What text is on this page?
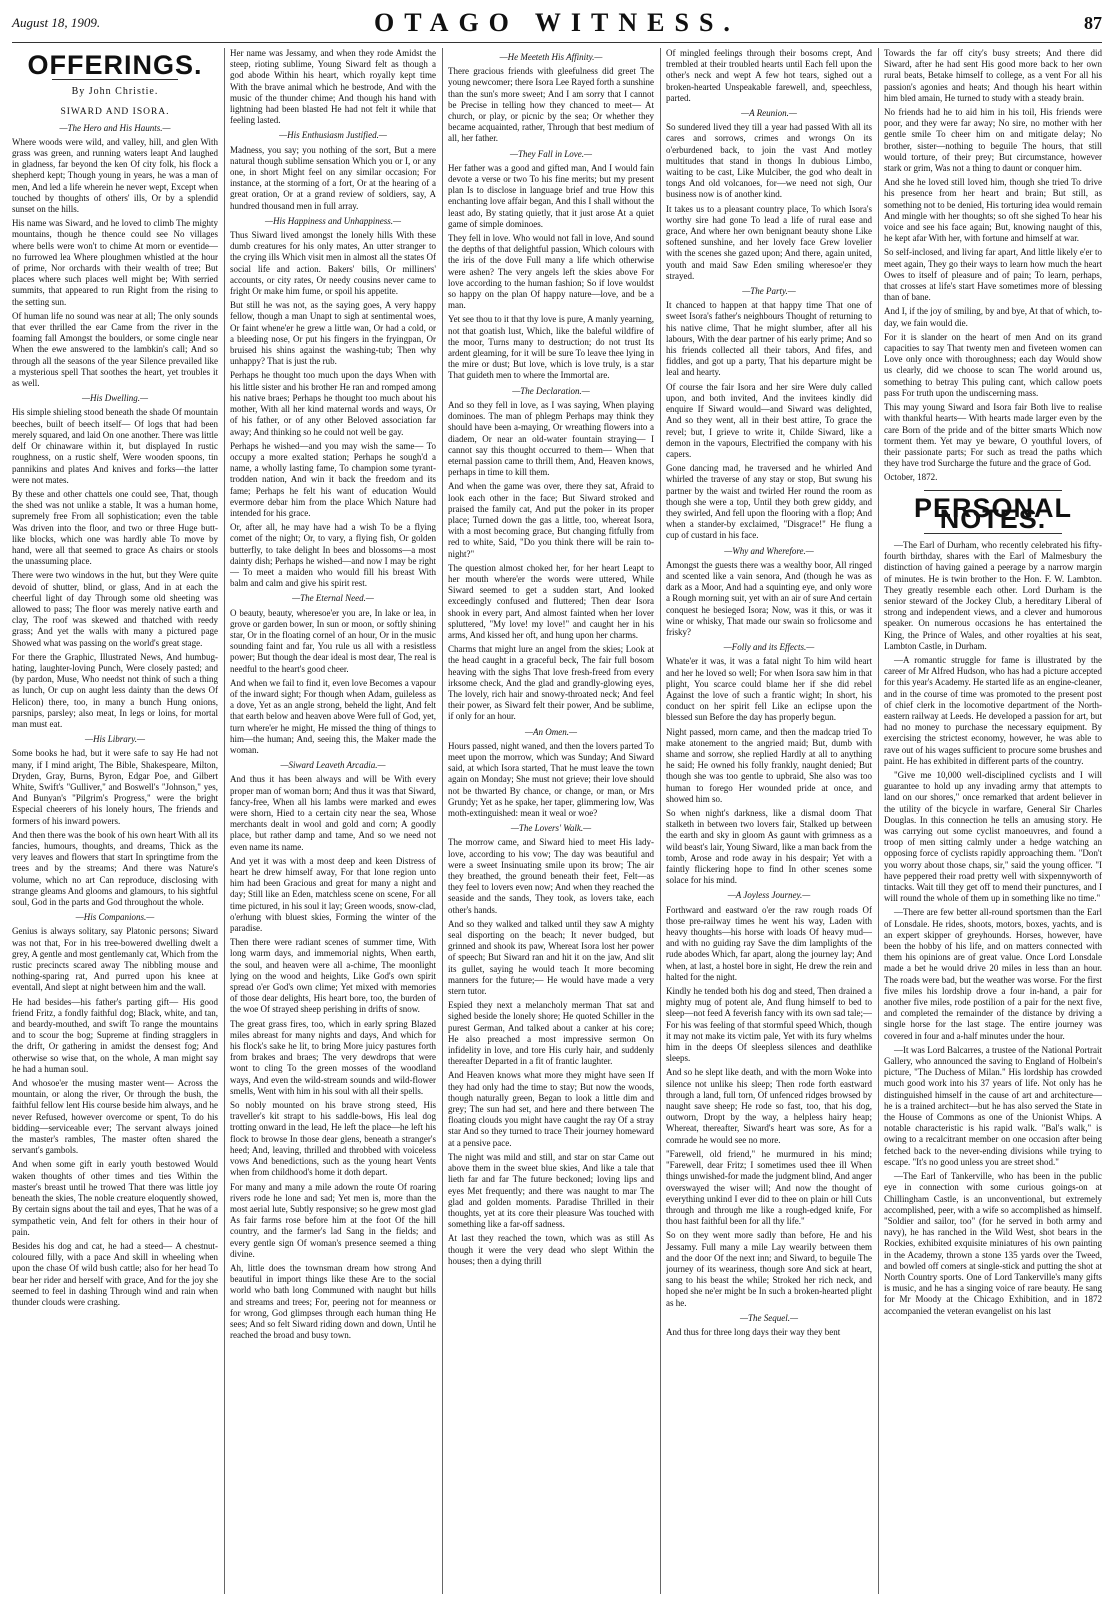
August 18, 1909.	OTAGO WITNESS.	87
OFFERINGS.
By John Christie.
SIWARD AND ISORA.
—The Hero and His Haunts.—
Where woods were wild, and valley, hill, and glen With grass was green, and running waters leapt And laughed in gladness, far beyond the ken Of city folk, his flock a shepherd kept; Though young in years, he was a man of men, And led a life wherein he never wept, Except when touched by thoughts of others' ills, Or by a splendid sunset on the hills.
His name was Siward, and he loved to climb The mighty mountains, though he thence could see No villages where bells were won't to chime At morn or eventide—no furrowed lea Where ploughmen whistled at the hour of prime, Nor orchards with their wealth of tree; But places where such places well might be; With serried summits, that appeared to run Right from the rising to the setting sun.
Of human life no sound was near at all; The only sounds that ever thrilled the ear Came from the river in the foaming fall Amongst the boulders, or some cingle near When the ewe answered to the lambkin's call; And so through all the seasons of the year Silence prevailed like a mysterious spell That soothes the heart, yet troubles it as well.
—His Dwelling.—
His simple shieling stood beneath the shade Of mountain beeches, built of beech itself— Of logs that had been merely squared, and laid On one another. There was little delf Or chinaware within it, but displayed In rustic roughness, on a rustic shelf, Were wooden spoons, tin pannikins and plates And knives and forks—the latter were not mates.
By these and other chattels one could see, That, though the shed was not unlike a stable, It was a human home, supremely free From all sophistication; even the table Was driven into the floor, and two or three Huge butt-like blocks, which one was hardly able To move by hand, were all that seemed to grace As chairs or stools the unassuming place.
There were two windows in the hut, but they Were quite devoid of shutter, blind, or glass, And in at each the cheerful light of day Through some old sheeting was allowed to pass; The floor was merely native earth and clay, The roof was skewed and thatched with reedy grass; And yet the walls with many a pictured page Showed what was passing on the world's great stage.
For there the Graphic, Illustrated News, And humbug-hating, laughter-loving Punch, Were closely pasted; and (by pardon, Muse, Who needst not think of such a thing as lunch, Or cup on aught less dainty than the dews Of Helicon) there, too, in many a bunch Hung onions, parsnips, parsley; also meat, In legs or loins, for mortal man must eat.
—His Library.—
Some books he had, but it were safe to say He had not many, if I mind aright, The Bible, Shakespeare, Milton, Dryden, Gray, Burns, Byron, Edgar Poe, and Gilbert White, Swift's "Gulliver," and Boswell's "Johnson," yes, And Bunyan's "Pilgrim's Progress," were the bright Especial cheerers of his lonely hours, The friends and formers of his inward powers.
And then there was the book of his own heart With all its fancies, humours, thoughts, and dreams, Thick as the very leaves and flowers that start In springtime from the trees and by the streams; And there was Nature's volume, which no art Can reproduce, disclosing with strange gleams And glooms and glamours, to his sightful soul, God in the parts and God throughout the whole.
—His Companions.—
Genius is always solitary, say Platonic persons; Siward was not that, For in his tree-bowered dwelling dwelt a grey, A gentle and most gentlemanly cat, Which from the rustic precincts scared away The nibbling mouse and nothing-sparing rat, And purred upon his knee at eventall, And slept at night between him and the wall.
He had besides—his father's parting gift— His good friend Fritz, a fondly faithful dog; Black, white, and tan, and beardy-mouthed, and swift To range the mountains and to scour the bog; Supreme at finding stragglers in the drift, Or gathering in amidst the densest fog; And otherwise so wise that, on the whole, A man might say he had a human soul.
And whosoe'er the musing master went— Across the mountain, or along the river, Or through the bush, the faithful fellow lent His course beside him always, and he never Refused, however overcome or spent, To do his bidding—serviceable ever; The servant always joined the master's rambles, The master often shared the servant's gambols.
And when some gift in early youth bestowed Would waken thoughts of other times and ties Within the master's breast until he trowed That there was little joy beneath the skies, The noble creature eloquently showed, By certain signs about the tail and eyes, That he was of a sympathetic vein, And felt for others in their hour of pain.
Besides his dog and cat, he had a steed— A chestnut-coloured filly, with a pace And skill in wheeling when upon the chase Of wild bush cattle; also for her head To bear her rider and herself with grace, And for the joy she seemed to feel in dashing Through wind and rain when thunder clouds were crashing.
Her name was Jessamy, and when they rode Amidst the steep, rioting sublime, Young Siward felt as though a god abode Within his heart, which royally kept time With the brave animal which he bestrode, And with the music of the thunder chime; And though his hand with lightning had been blasted He had not felt it while that feeling lasted.
—His Enthusiasm Justified.—
Madness, you say; you nothing of the sort, But a mere natural though sublime sensation Which you or I, or any one, in short Might feel on any similar occasion; For instance, at the storming of a fort, Or at the hearing of a great oration, Or at a grand review of soldiers, say, A hundred thousand men in full array.
—His Happiness and Unhappiness.—
Thus Siward lived amongst the lonely hills With these dumb creatures for his only mates, An utter stranger to the crying ills Which visit men in almost all the states Of social life and action. Bakers' bills, Or milliners' accounts, or city rates, Or needy cousins never came to fright Or make him fume, or spoil his appetite.
But still he was not, as the saying goes, A very happy fellow, though a man Unapt to sigh at sentimental woes, Or faint whene'er he grew a little wan, Or had a cold, or a bleeding nose, Or put his fingers in the fryingpan, Or bruised his shins against the washing-tub; Then why unhappy? That is just the rub.
Perhaps he thought too much upon the days When with his little sister and his brother He ran and romped among his native braes; Perhaps he thought too much about his mother, With all her kind maternal words and ways, Or of his father, or of any other Beloved association far away; And thinking so he could not well be gay.
Perhaps he wished—and you may wish the same— To occupy a more exalted station; Perhaps he sough'd a name, a wholly lasting fame, To champion some tyrant-trodden nation, And win it back the freedom and its fame; Perhaps he felt his want of education Would evermore debar him from the place Which Nature had intended for his grace.
Or, after all, he may have had a wish To be a flying comet of the night; Or, to vary, a flying fish, Or golden butterfly, to take delight In bees and blossoms—a most dainty dish; Perhaps he wished—and now I may be right— To meet a maiden who would fill his breast With balm and calm and give his spirit rest.
—The Eternal Need.—
O beauty, beauty, wheresoe'er you are, In lake or lea, in grove or garden bower, In sun or moon, or softly shining star, Or in the floating cornel of an hour, Or in the music sounding faint and far, You rule us all with a resistless power; But though the dear ideal is most dear, The real is needful to the heart's good cheer.
And when we fail to find it, even love Becomes a vapour of the inward sight; For though when Adam, guileless as a dove, Yet as an angle strong, beheld the light, And felt that earth below and heaven above Were full of God, yet, turn where'er he might, He missed the thing of things to him—the human; And, seeing this, the Maker made the woman.
—Siward Leaveth Arcadia.—
And thus it has been always and will be With every proper man of woman born; And thus it was that Siward, fancy-free, When all his lambs were marked and ewes were shorn, Hied to a certain city near the sea, Whose merchants dealt in wool and gold and corn; A goodly place, but rather damp and tame, And so we need not even name its name.
And yet it was with a most deep and keen Distress of heart he drew himself away, For that lone region unto him had been Gracious and great for many a night and day; Still like an Eden, matchless scene on scene, For all time pictured, in his soul it lay; Green woods, snow-clad, o'erhung with bluest skies, Forming the winter of the paradise.
Then there were radiant scenes of summer time, With long warm days, and immemorial nights, When earth, the soul, and heaven were all a-chime, The moonlight lying on the wood and heights, Like God's own spirit spread o'er God's own clime; Yet mixed with memories of those dear delights, His heart bore, too, the burden of the woe Of strayed sheep perishing in drifts of snow.
The great grass fires, too, which in early spring Blazed miles abreast for many nights and days, And which for his flock's sake he lit, to bring More juicy pastures forth from brakes and braes; The very dewdrops that were wont to cling To the green mosses of the woodland ways, And even the wild-stream sounds and wild-flower smells, Went with him in his soul with all their spells.
So nobly mounted on his brave strong steed, His traveller's kit strapt to his saddle-bows, His leal dog trotting onward in the lead, He left the place—he left his flock to browse In those dear glens, beneath a stranger's heed; And, leaving, thrilled and throbbed with voiceless vows And benedictions, such as the young heart Vents when from childhood's home it doth depart.
For many and many a mile adown the route Of roaring rivers rode he lone and sad; Yet men is, more than the most aerial lute, Subtly responsive; so he grew most glad As fair farms rose before him at the foot Of the hill country, and the farmer's lad Sang in the fields; and every gentle sign Of woman's presence seemed a thing divine.
Ah, little does the townsman dream how strong And beautiful in import things like these Are to the social world who bath long Communed with naught but hills and streams and trees; For, peering not for meanness or for wrong, God glimpses through each human thing He sees; And so felt Siward riding down and down, Until he reached the broad and busy town.
—He Meeteth His Affinity.—
There gracious friends with gleefulness did greet The young newcomer; there Isora Lee Rayed forth a sunshine than the sun's more sweet; And I am sorry that I cannot be Precise in telling how they chanced to meet— At church, or play, or picnic by the sea; Or whether they became acquainted, rather, Through that best medium of all, her father.
—They Fall in Love.—
Her father was a good and gifted man, And I would fain devote a verse or two To his fine merits; but my present plan Is to disclose in language brief and true How this enchanting love affair began, And this I shall without the least ado, By stating quietly, that it just arose At a quiet game of simple dominoes.
They fell in love. Who would not fall in love, And sound the depths of that delightful passion, Which colours with the iris of the dove Full many a life which otherwise were ashen? The very angels left the skies above For love according to the human fashion; So if love wouldst so happy on the plan Of happy nature—love, and be a man.
Yet see thou to it that thy love is pure, A manly yearning, not that goatish lust, Which, like the baleful wildfire of the moor, Turns many to destruction; do not trust Its ardent gleaming, for it will be sure To leave thee lying in the mire or dust; But love, which is love truly, is a star That guideth men to where the Immortal are.
—The Declaration.—
And so they fell in love, as I was saying, When playing dominoes. The man of phlegm Perhaps may think they should have been a-maying, Or wreathing flowers into a diadem, Or near an old-water fountain straying— I cannot say this thought occurred to them— When that eternal passion came to thrill them, And, Heaven knows, perhaps in time to kill them.
And when the game was over, there they sat, Afraid to look each other in the face; But Siward stroked and praised the family cat, And put the poker in its proper place; Turned down the gas a little, too, whereat Isora, with a most becoming grace, But changing fitfully from red to white, Said, "Do you think there will be rain to-night?"
The question almost choked her, for her heart Leapt to her mouth where'er the words were uttered, While Siward seemed to get a sudden start, And looked exceedingly confused and fluttered; Then dear Isora shook in every part, And almost fainted when her lover spluttered, "My love! my love!" and caught her in his arms, And kissed her oft, and hung upon her charms.
Charms that might lure an angel from the skies; Look at the head caught in a graceful beck, The fair full bosom heaving with the sighs That love fresh-freed from every irksome check, And the glad and grandly-glowing eyes, The lovely, rich hair and snowy-throated neck; And feel their power, as Siward felt their power, And be sublime, if only for an hour.
—An Omen.—
Hours passed, night waned, and then the lovers parted To meet upon the morrow, which was Sunday; And Siward said, at which Isora started, That he must leave the town again on Monday; She must not grieve; their love should not be thwarted By chance, or change, or man, or Mrs Grundy; Yet as he spake, her taper, glimmering low, Was moth-extinguished: mean it weal or woe?
—The Lovers' Walk.—
The morrow came, and Siward hied to meet His lady-love, according to his vow; The day was beautiful and were a sweet Insinuating smile upon its brow; The air they breathed, the ground beneath their feet, Felt—as they feel to lovers even now; And when they reached the seaside and the sands, They took, as lovers take, each other's hands.
And so they walked and talked until they saw A mighty seal disporting on the beach; It never budged, but grinned and shook its paw, Whereat Isora lost her power of speech; But Siward ran and hit it on the jaw, And slit its gullet, saying he would teach It more becoming manners for the future;— He would have made a very stern tutor.
Espied they next a melancholy merman That sat and sighed beside the lonely shore; He quoted Schiller in the purest German, And talked about a canker at his core; He also preached a most impressive sermon On infidelity in love, and tore His curly hair, and suddenly thereafter Departed in a fit of frantic laughter.
And Heaven knows what more they might have seen If they had only had the time to stay; But now the woods, though naturally green, Began to look a little dim and grey; The sun had set, and here and there between The floating clouds you might have caught the ray Of a stray star And so they turned to trace Their journey homeward at a pensive pace.
The night was mild and still, and star on star Came out above them in the sweet blue skies, And like a tale that lieth far and far The future beckoned; loving lips and eyes Met frequently; and there was naught to mar The glad and golden moments. Paradise Thrilled in their thoughts, yet at its core their pleasure Was touched with something like a far-off sadness.
At last they reached the town, which was as still As though it were the very dead who slept Within the houses; then a dying thrill
Of mingled feelings through their bosoms crept, And trembled at their troubled hearts until Each fell upon the other's neck and wept A few hot tears, sighed out a broken-hearted Unspeakable farewell, and, speechless, parted.
—A Reunion.—
So sundered lived they till a year had passed With all its cares and sorrows, crimes and wrongs On its o'erburdened back, to join the vast And motley multitudes that stand in thongs In dubious Limbo, waiting to be cast, Like Mulciber, the god who dealt in tongs And old volcanoes, for—we need not sigh, Our business now is of another kind.
It takes us to a pleasant country place, To which Isora's worthy sire had gone To lead a life of rural ease and grace, And where her own benignant beauty shone Like softened sunshine, and her lovely face Grew lovelier with the scenes she gazed upon; And there, again united, youth and maid Saw Eden smiling wheresoe'er they strayed.
—The Party.—
It chanced to happen at that happy time That one of sweet Isora's father's neighbours Thought of returning to his native clime, That he might slumber, after all his labours, With the dear partner of his early prime; And so his friends collected all their tabors, And fifes, and fiddles, and got up a party, That his departure might be leal and hearty.
Of course the fair Isora and her sire Were duly called upon, and both invited, And the invitees kindly did enquire If Siward would—and Siward was delighted, And so they went, all in their best attire, To grace the revel; but, I grieve to write it, Childe Siward, like a demon in the vapours, Electrified the company with his capers.
Gone dancing mad, he traversed and he whirled And whirled the traverse of any stay or stop, But swung his partner by the waist and twirled Her round the room as though she were a top, Until they both grew giddy, and they swirled, And fell upon the flooring with a flop; And when a stander-by exclaimed, "Disgrace!" He flung a cup of custard in his face.
—Why and Wherefore.—
Amongst the guests there was a wealthy boor, All ringed and scented like a vain senora, And (though he was as dark as a Moor, And had a squinting eye, and only wore a Rough morning suit, yet with an air of sure And certain conquest he besieged Isora; Now, was it this, or was it wine or whisky, That made our swain so frolicsome and frisky?
—Folly and its Effects.—
Whate'er it was, it was a fatal night To him wild heart and her he loved so well; For when Isora saw him in that plight, You scarce could blame her if she did rebel Against the love of such a frantic wight; In short, his conduct on her spirit fell Like an eclipse upon the blessed sun Before the day has properly begun.
Night passed, morn came, and then the madcap tried To make atonement to the angried maid; But, dumb with shame and sorrow, she replied Hardly at all to anything he said; He owned his folly frankly, naught denied; But though she was too gentle to upbraid, She also was too human to forego Her wounded pride at once, and showed him so.
So when night's darkness, like a dismal doom That stalketh in between two lovers fair, Stalked up between the earth and sky in gloom As gaunt with grimness as a wild beast's lair, Young Siward, like a man back from the tomb, Arose and rode away in his despair; Yet with a faintly flickering hope to find In other scenes some solace for his mind.
—A Joyless Journey.—
Forthward and eastward o'er the raw rough roads Of those pre-railway times he went his way, Laden with heavy thoughts—his horse with loads Of heavy mud—and with no guiding ray Save the dim lamplights of the rude abodes Which, far apart, along the journey lay; And when, at last, a hostel bore in sight, He drew the rein and halted for the night.
Kindly he tended both his dog and steed, Then drained a mighty mug of potent ale, And flung himself to bed to sleep—not feed A feverish fancy with its own sad tale;— For his was feeling of that stormful speed Which, though it may not make its victim pale, Yet with its fury whelms him in the deeps Of sleepless silences and deathlike sleeps.
And so he slept like death, and with the morn Woke into silence not unlike his sleep; Then rode forth eastward through a land, full torn, Of unfenced ridges browsed by naught save sheep; He rode so fast, too, that his dog, outworn, Dropt by the way, a helpless hairy heap; Whereat, thereafter, Siward's heart was sore, As for a comrade he would see no more.
"Farewell, old friend," he murmured in his mind; "Farewell, dear Fritz; I sometimes used thee ill When things unwished-for made the judgment blind, And anger overswayed the wiser will; And now the thought of everything unkind I ever did to thee on plain or hill Cuts through and through me like a rough-edged knife, For thou hast faithful been for all thy life."
So on they went more sadly than before, He and his Jessamy. Full many a mile Lay wearily between them and the door Of the next inn; and Siward, to beguile The journey of its weariness, though sore And sick at heart, sang to his beast the while; Stroked her rich neck, and hoped she ne'er might be In such a broken-hearted plight as he.
—The Sequel.—
And thus for three long days their way they bent
Towards the far off city's busy streets; And there did Siward, after he had sent His good more back to her own rural beats, Betake himself to college, as a vent For all his passion's agonies and heats; And though his heart within him bled amain, He turned to study with a steady brain.
No friends had he to aid him in his toil, His friends were poor, and they were far away; No sire, no mother with her gentle smile To cheer him on and mitigate delay; No brother, sister—nothing to beguile The hours, that still would torture, of their prey; But circumstance, however stark or grim, Was not a thing to daunt or conquer him.
And she he loved still loved him, though she tried To drive his presence from her heart and brain; But still, as something not to be denied, His torturing idea would remain And mingle with her thoughts; so oft she sighed To hear his voice and see his face again; But, knowing naught of this, he kept afar With her, with fortune and himself at war.
So self-inclosed, and living far apart, And little likely e'er to meet again, They go their ways to learn how much the heart Owes to itself of pleasure and of pain; To learn, perhaps, that crosses at life's start Have sometimes more of blessing than of bane.
And I, if the joy of smiling, by and bye, At that of which, to-day, we fain would die.
For it is slander on the heart of men And on its grand capacities to say That twenty men and fiveteen women can Love only once with thoroughness; each day Would show us clearly, did we choose to scan The world around us, something to betray This puling cant, which callow poets pass For truth upon the undiscerning mass.
This may young Siward and Isora fair Both live to realise with thankful hearts— With hearts made larger even by the care Born of the pride and of the bitter smarts Which now torment them. Yet may ye beware, O youthful lovers, of their passionate parts; For such as tread the paths which they have trod Surcharge the future and the grace of God.
October, 1872.
PERSONAL NOTES.

—The Earl of Durham, who recently celebrated his fifty-fourth birthday, shares with the Earl of Malmesbury the distinction of having gained a peerage by a narrow margin of minutes. He is twin brother to the Hon. F. W. Lambton. They greatly resemble each other. Lord Durham is the senior steward of the Jockey Club, a hereditary Liberal of strong and independent views, and a clever and humorous speaker. On numerous occasions he has entertained the King, the Prince of Wales, and other royalties at his seat, Lambton Castle, in Durham.

—A romantic struggle for fame is illustrated by the career of Mr Alfred Hudson, who has had a picture accepted for this year's Academy. He started life as an engine-cleaner, and in the course of time was promoted to the present post of chief clerk in the locomotive department of the North-eastern railway at Leeds. He developed a passion for art, but had no money to purchase the necessary equipment. By exercising the strictest economy, however, he was able to rave out of his wages sufficient to procure some brushes and paint. He has exhibited in different parts of the country.

"Give me 10,000 well-disciplined cyclists and I will guarantee to hold up any invading army that attempts to land on our shores," once remarked that ardent believer in the utility of the bicycle in warfare, General Sir Charles Douglas. In this connection he tells an amusing story. He was carrying out some cyclist manoeuvres, and found a troop of men sitting calmly under a hedge watching an opposing force of cyclists rapidly approaching them. "Don't you worry about those chaps, sir," said the young officer. "I have peppered their road pretty well with sixpennyworth of tintacks. Wait till they get off to mend their punctures, and I will round the whole of them up in something like no time."

—There are few better all-round sportsmen than the Earl of Lonsdale. He rides, shoots, motors, boxes, yachts, and is an expert skipper of greyhounds. Horses, however, have been the hobby of his life, and on matters connected with them his opinions are of great value. Once Lord Lonsdale made a bet he would drive 20 miles in less than an hour. The roads were bad, but the weather was worse. For the first five miles his lordship drove a four in-hand, a pair for another five miles, rode postilion of a pair for the next five, and completed the remainder of the distance by driving a single horse for the last stage. The entire journey was covered in four and a-half minutes under the hour.

—It was Lord Balcarres, a trustee of the National Portrait Gallery, who announced the saving to England of Holbein's picture, "The Duchess of Milan." His lordship has crowded much good work into his 37 years of life. Not only has he distinguished himself in the cause of art and architecture—he is a trained architect—but he has also served the State in the House of Commons as one of the Unionist Whips. A notable characteristic is his rapid walk. "Bal's walk," is owing to a recalcitrant member on one occasion after being fetched back to the never-ending divisions while trying to escape. "It's no good unless you are street shod."

—The Earl of Tankerville, who has been in the public eye in connection with some curious goings-on at Chillingham Castle, is an unconventional, but extremely accomplished, peer, with a wife so accomplished as himself. "Soldier and sailor, too" (for he served in both army and navy), he has ranched in the Wild West, shot bears in the Rockies, exhibited exquisite miniatures of his own painting in the Academy, thrown a stone 135 yards over the Tweed, and bowled off comers at single-stick and putting the shot at North Country sports. One of Lord Tankerville's many gifts is music, and he has a singing voice of rare beauty. He sang for Mr Moody at the Chicago Exhibition, and in 1872 accompanied the veteran evangelist on his last
